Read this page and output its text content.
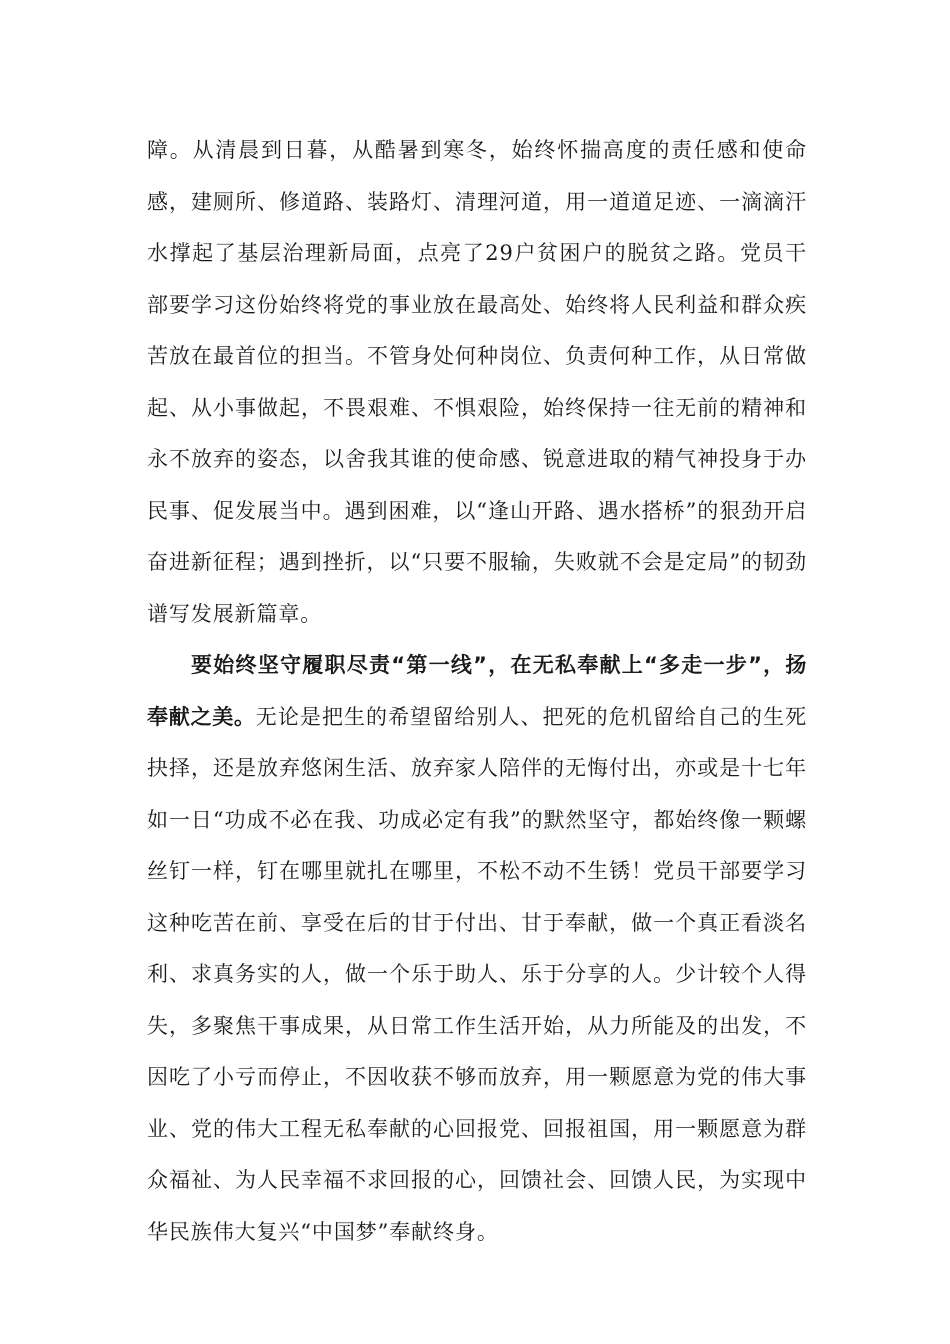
障。从清晨到日暮，从酷暑到寒冬，始终怀揣高度的责任感和使命感，建厕所、修道路、装路灯、清理河道，用一道道足迹、一滴滴汗水撑起了基层治理新局面，点亮了29户贫困户的脱贫之路。党员干部要学习这份始终将党的事业放在最高处、始终将人民利益和群众疾苦放在最首位的担当。不管身处何种岗位、负责何种工作，从日常做起、从小事做起，不畏艰难、不惧艰险，始终保持一往无前的精神和永不放弃的姿态，以舍我其谁的使命感、锐意进取的精气神投身于办民事、促发展当中。遇到困难，以“逢山开路、遇水搭桥”的狠劲开启奋进新征程；遇到挫折，以“只要不服输，失败就不会是定局”的韧劲谱写发展新篇章。

要始终坚守履职尽责“第一线”，在无私奉献上“多走一步”，扬奉献之美。无论是把生的希望留给别人、把死的危机留给自己的生死抉择，还是放弃悠闲生活、放弃家人陪伴的无悔付出，亦或是十七年如一日“功成不必在我、功成必定有我”的默然坚守，都始终像一颗螺丝钉一样，钉在哪里就扎在哪里，不松不动不生锈！党员干部要学习这种吃苦在前、享受在后的甘于付出、甘于奉献，做一个真正看淡名利、求真务实的人，做一个乐于助人、乐于分享的人。少计较个人得失，多聚焦干事成果，从日常工作生活开始，从力所能及的出发，不因吃了小亏而停止，不因收获不够而放弃，用一颗愿意为党的伟大事业、党的伟大工程无私奉献的心回报党、回报祖国，用一颗愿意为群众福祉、为人民幸福不求回报的心，回馈社会、回馈人民，为实现中华民族伟大复兴“中国梦”奉献终身。
